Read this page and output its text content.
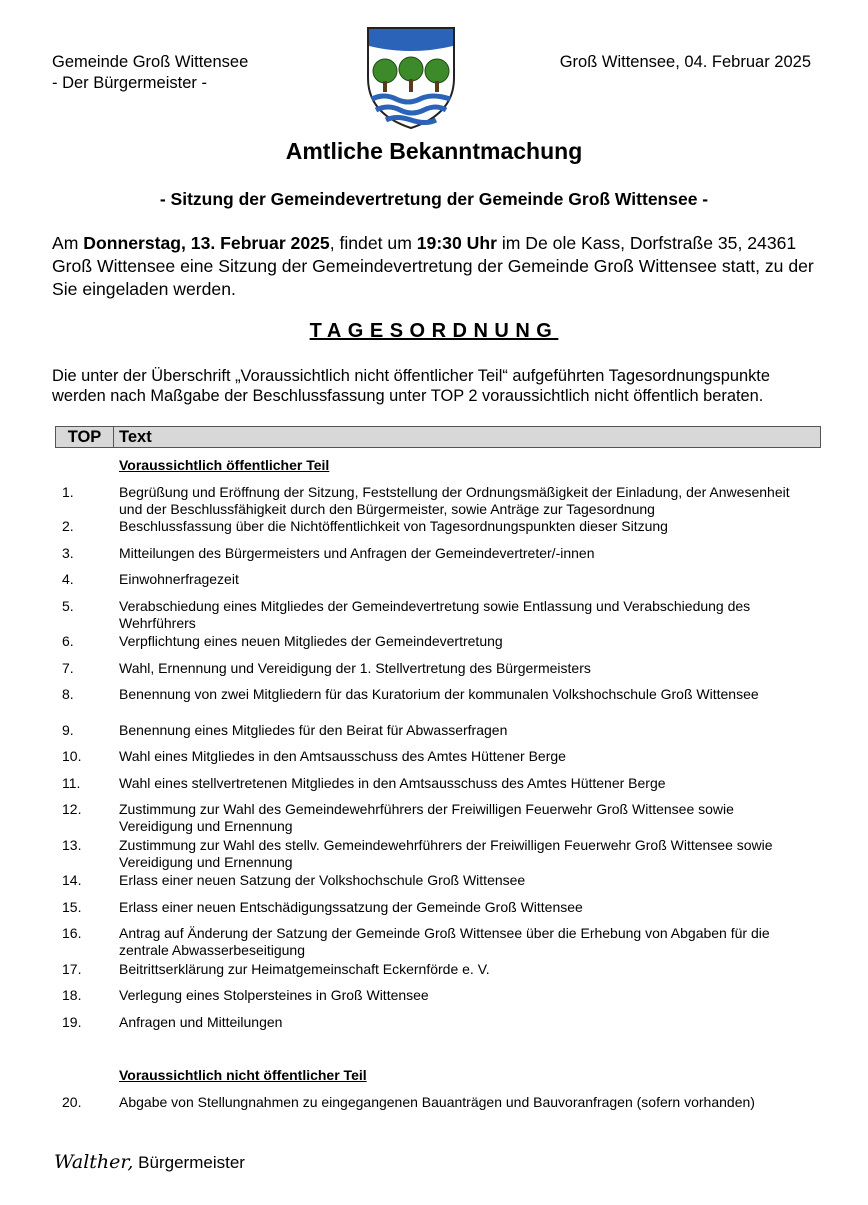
Gemeinde Groß Wittensee
- Der Bürgermeister -
Groß Wittensee, 04. Februar 2025
Amtliche Bekanntmachung
- Sitzung der Gemeindevertretung der Gemeinde Groß Wittensee -
Am Donnerstag, 13. Februar 2025, findet um 19:30 Uhr im De ole Kass, Dorfstraße 35, 24361 Groß Wittensee eine Sitzung der Gemeindevertretung der Gemeinde Groß Wittensee statt, zu der Sie eingeladen werden.
TAGESORDNUNG
Die unter der Überschrift „Voraussichtlich nicht öffentlicher Teil“ aufgeführten Tagesordnungspunkte werden nach Maßgabe der Beschlussfassung unter TOP 2 voraussichtlich nicht öffentlich beraten.
TOP	Text
Voraussichtlich öffentlicher Teil
1.	Begrüßung und Eröffnung der Sitzung, Feststellung der Ordnungsmäßigkeit der Einladung, der Anwesenheit und der Beschlussfähigkeit durch den Bürgermeister, sowie Anträge zur Tagesordnung
2.	Beschlussfassung über die Nichtöffentlichkeit von Tagesordnungspunkten dieser Sitzung
3.	Mitteilungen des Bürgermeisters und Anfragen der Gemeindevertreter/-innen
4.	Einwohnerfragezeit
5.	Verabschiedung eines Mitgliedes der Gemeindevertretung sowie Entlassung und Verabschiedung des Wehrführers
6.	Verpflichtung eines neuen Mitgliedes der Gemeindevertretung
7.	Wahl, Ernennung und Vereidigung der 1. Stellvertretung des Bürgermeisters
8.	Benennung von zwei Mitgliedern für das Kuratorium der kommunalen Volkshochschule Groß Wittensee
9.	Benennung eines Mitgliedes für den Beirat für Abwasserfragen
10.	Wahl eines Mitgliedes in den Amtsausschuss des Amtes Hüttener Berge
11.	Wahl eines stellvertretenen Mitgliedes in den Amtsausschuss des Amtes Hüttener Berge
12.	Zustimmung zur Wahl des Gemeindewehrführers der Freiwilligen Feuerwehr Groß Wittensee sowie Vereidigung und Ernennung
13.	Zustimmung zur Wahl des stellv. Gemeindewehrführers der Freiwilligen Feuerwehr Groß Wittensee sowie Vereidigung und Ernennung
14.	Erlass einer neuen Satzung der Volkshochschule Groß Wittensee
15.	Erlass einer neuen Entschädigungssatzung der Gemeinde Groß Wittensee
16.	Antrag auf Änderung der Satzung der Gemeinde Groß Wittensee über die Erhebung von Abgaben für die zentrale Abwasserbeseitigung
17.	Beitrittserklärung zur Heimatgemeinschaft Eckernförde e. V.
18.	Verlegung eines Stolpersteines in Groß Wittensee
19.	Anfragen und Mitteilungen
Voraussichtlich nicht öffentlicher Teil
20.	Abgabe von Stellungnahmen zu eingegangenen Bauanträgen und Bauvoranfragen (sofern vorhanden)
Walther, Bürgermeister
